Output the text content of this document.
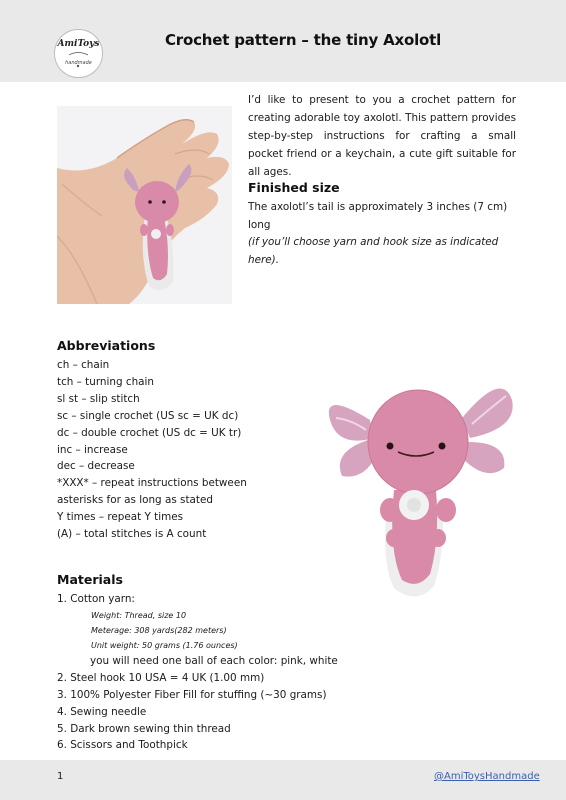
AmiToys
handmade
Crochet pattern – the tiny Axolotl

I’d like to present to you a crochet pattern for creating adorable toy axolotl. This pattern provides step-by-step instructions for crafting a small pocket friend or a keychain, a cute gift suitable for all ages.

Finished size

The axolotl’s tail is approximately 3 inches (7 cm) long
(if you’ll choose yarn and hook size as indicated here).

Abbreviations
ch – chain
tch – turning chain
sl st – slip stitch
sc – single crochet (US sc = UK dc)
dc – double crochet (US dc = UK tr)
inc – increase
dec – decrease
*XXX* – repeat instructions between
asterisks for as long as stated
Y times – repeat Y times
(A) – total stitches is A count
Materials
1. Cotton yarn:
Weight: Thread, size 10
Meterage: 308 yards(282 meters)
Unit weight: 50 grams (1.76 ounces)
you will need one ball of each color: pink, white
2. Steel hook 10 USA = 4 UK (1.00 mm)
3. 100% Polyester Fiber Fill for stuffing (~30 grams)
4. Sewing needle
5. Dark brown sewing thin thread
6. Scissors and Toothpick
1	@AmiToysHandmade
